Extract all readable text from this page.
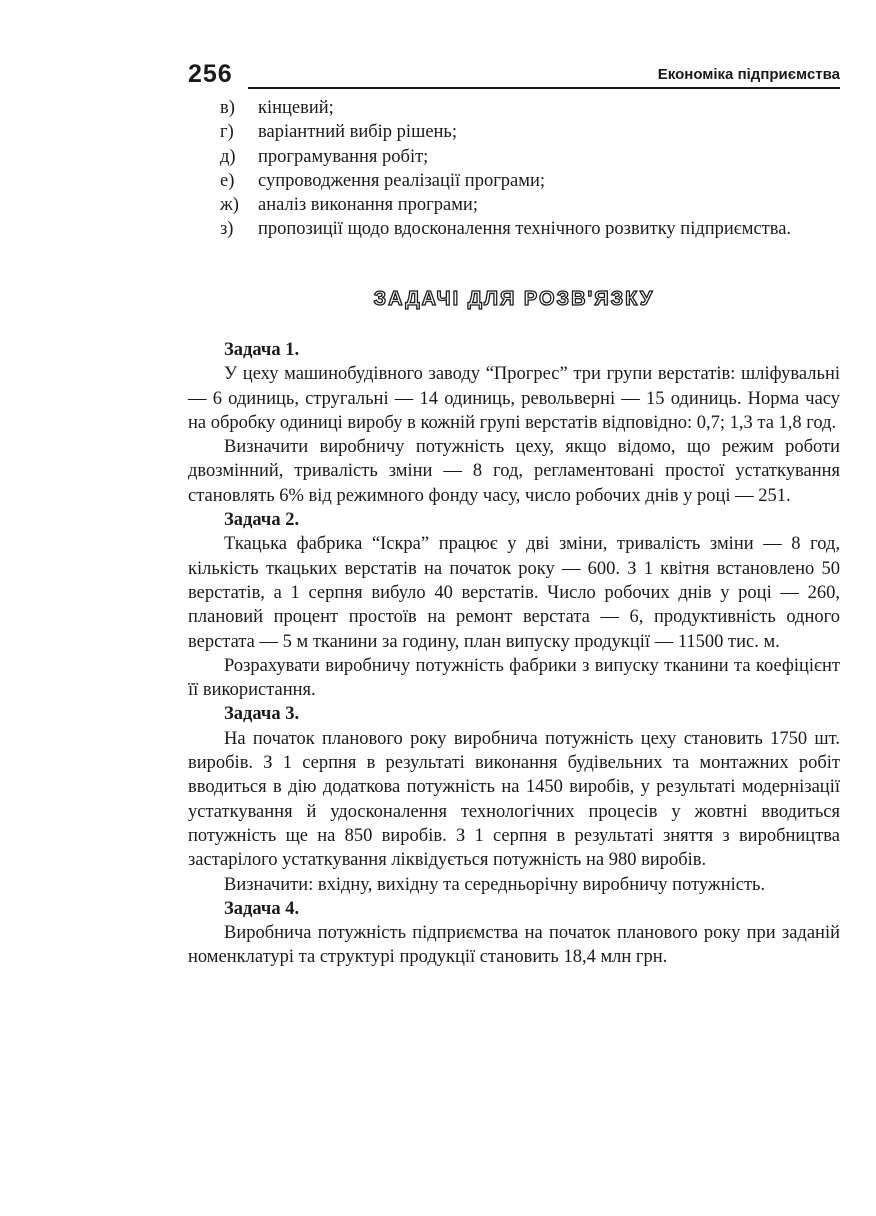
256	Економіка підприємства
в)	кінцевий;
г)	варіантний вибір рішень;
д)	програмування робіт;
е)	супроводження реалізації програми;
ж)	аналіз виконання програми;
з)	пропозиції щодо вдосконалення технічного розвитку підприємства.
ЗАДАЧІ ДЛЯ РОЗВ'ЯЗКУ
Задача 1.

У цеху машинобудівного заводу “Прогрес” три групи верстатів: шліфувальні — 6 одиниць, стругальні — 14 одиниць, револьверні — 15 одиниць. Норма часу на обробку одиниці виробу в кожній групі верстатів відповідно: 0,7; 1,3 та 1,8 год.

Визначити виробничу потужність цеху, якщо відомо, що режим роботи двозмінний, тривалість зміни — 8 год, регламентовані простої устаткування становлять 6% від режимного фонду часу, число робочих днів у році — 251.

Задача 2.

Ткацька фабрика “Іскра” працює у дві зміни, тривалість зміни — 8 год, кількість ткацьких верстатів на початок року — 600. З 1 квітня встановлено 50 верстатів, а 1 серпня вибуло 40 верстатів. Число робочих днів у році — 260, плановий процент простоїв на ремонт верстата — 6, продуктивність одного верстата — 5 м тканини за годину, план випуску продукції — 11500 тис. м.

Розрахувати виробничу потужність фабрики з випуску тканини та коефіцієнт її використання.

Задача 3.

На початок планового року виробнича потужність цеху становить 1750 шт. виробів. З 1 серпня в результаті виконання будівельних та монтажних робіт вводиться в дію додаткова потужність на 1450 виробів, у результаті модернізації устаткування й удосконалення технологічних процесів у жовтні вводиться потужність ще на 850 виробів. З 1 серпня в результаті зняття з виробництва застарілого устаткування ліквідується потужність на 980 виробів.

Визначити: вхідну, вихідну та середньорічну виробничу потужність.

Задача 4.

Виробнича потужність підприємства на початок планового року при заданій номенклатурі та структурі продукції становить 18,4 млн грн.
